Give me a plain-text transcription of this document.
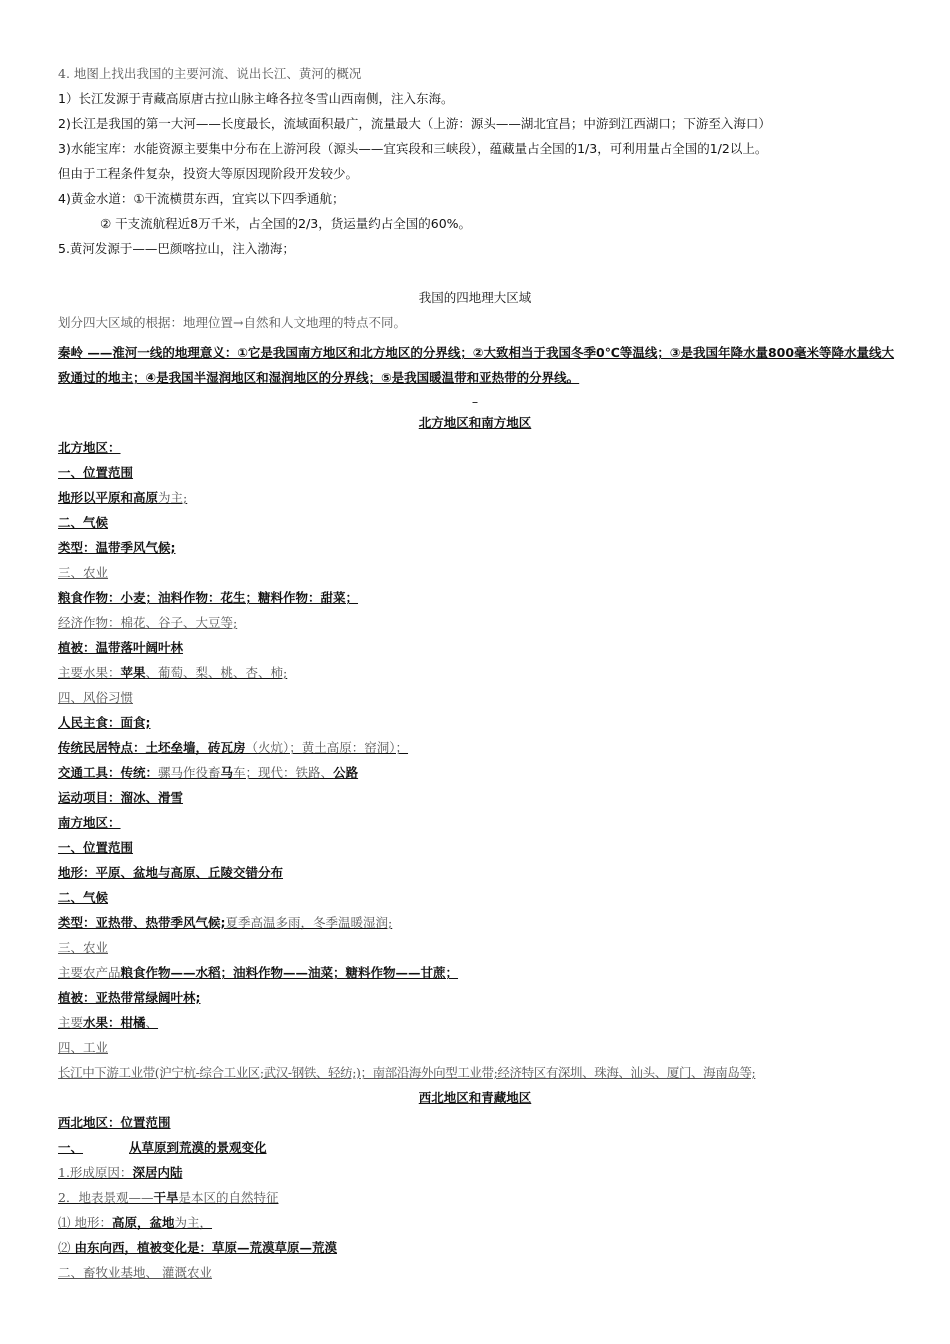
4. 地图上找出我国的主要河流、说出长江、黄河的概况
1）长江发源于青藏高原唐古拉山脉主峰各拉冬雪山西南侧，注入东海。
2)长江是我国的第一大河——长度最长，流域面积最广，流量最大（上游：源头——湖北宜昌；中游到江西湖口；下游至入海口）
3)水能宝库：水能资源主要集中分布在上游河段（源头——宜宾段和三峡段），蕴藏量占全国的1/3，可利用量占全国的1/2以上。
但由于工程条件复杂，投资大等原因现阶段开发较少。
4)黄金水道：①干流横贯东西，宜宾以下四季通航；
② 干支流航程近8万千米，占全国的2/3，货运量约占全国的60%。
5.黄河发源于——巴颜喀拉山，注入渤海；
我国的四地理大区域
划分四大区域的根据：地理位置→自然和人文地理的特点不同。
秦岭 ——淮河一线的地理意义：①它是我国南方地区和北方地区的分界线；②大致相当于我国冬季0℃等温线；③是我国年降水量800毫米等降水量线大致通过的地主；④是我国半湿润地区和湿润地区的分界线；⑤是我国暖温带和亚热带的分界线。
–
北方地区和南方地区
北方地区：
一、位置范围
地形以平原和高原为主;
二、气候
类型：温带季风气候;
三、农业
粮食作物：小麦；油料作物：花生；糖料作物：甜菜；
经济作物：棉花、谷子、大豆等;
植被：温带落叶阔叶林
主要水果：苹果、葡萄、梨、桃、杏、柿;
四、风俗习惯
人民主食：面食;
传统民居特点：土坯垒墙，砖瓦房（火炕）；黄土高原：窑洞）；
交通工具：传统：骡马作役畜马车；现代：铁路、公路
运动项目：溜冰、滑雪
南方地区：
一、位置范围
地形：平原、盆地与高原、丘陵交错分布
二、气候
类型：亚热带、热带季风气候;夏季高温多雨，冬季温暖湿润;
三、农业
主要农产品粮食作物——水稻；油料作物——油菜；糖料作物——甘蔗；
植被：亚热带常绿阔叶林;
主要水果：柑橘、
四、工业
长江中下游工业带(沪宁杭-综合工业区;武汉-钢铁、轻纺;)；南部沿海外向型工业带;经济特区有深圳、珠海、汕头、厦门、海南岛等;
西北地区和青藏地区
西北地区：位置范围
一、	从草原到荒漠的景观变化
1.形成原因：深居内陆
2．地表景观——干旱是本区的自然特征
⑴ 地形：高原，盆地为主，
⑵ 由东向西，植被变化是：草原—荒漠草原—荒漠
二、畜牧业基地、 灌溉农业
